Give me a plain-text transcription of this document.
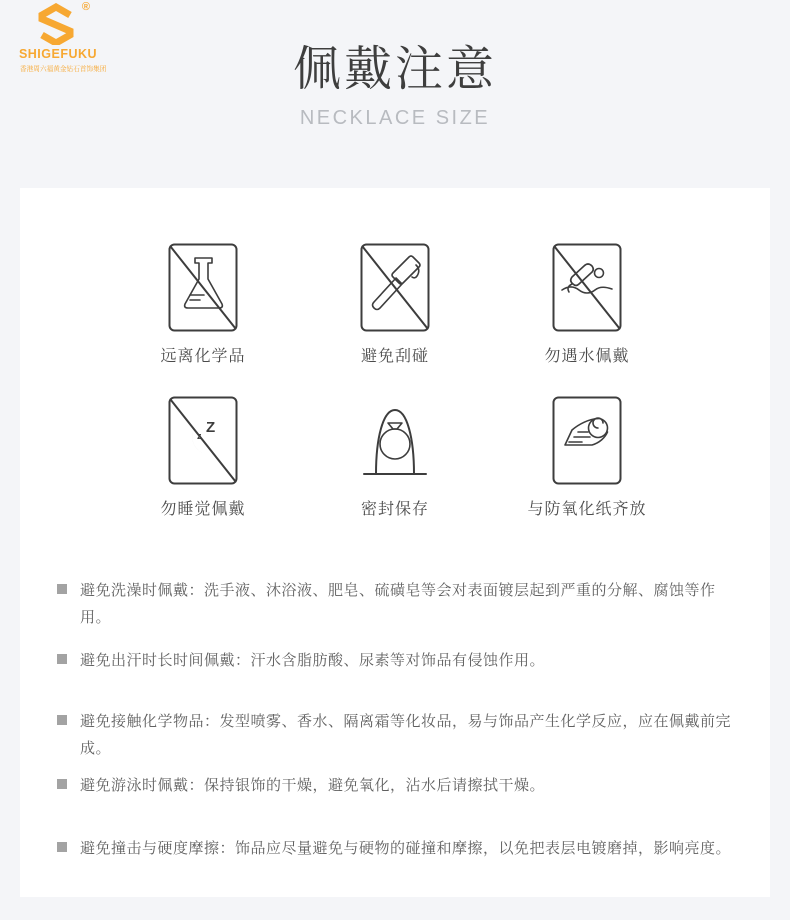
®
SHIGEFUKU
香港周六福黄金钻石首饰集团	佩戴注意
NECKLACE SIZE
远离化学品	避免刮碰	勿遇水佩戴
Z
z
勿睡觉佩戴	密封保存	与防氧化纸齐放
避免洗澡时佩戴：洗手液、沐浴液、肥皂、硫磺皂等会对表面镀层起到严重的分解、腐蚀等作用。
避免出汗时长时间佩戴：汗水含脂肪酸、尿素等对饰品有侵蚀作用。
避免接触化学物品：发型喷雾、香水、隔离霜等化妆品，易与饰品产生化学反应，应在佩戴前完成。
避免游泳时佩戴：保持银饰的干燥，避免氧化，沾水后请擦拭干燥。
避免撞击与硬度摩擦：饰品应尽量避免与硬物的碰撞和摩擦，以免把表层电镀磨掉，影响亮度。
